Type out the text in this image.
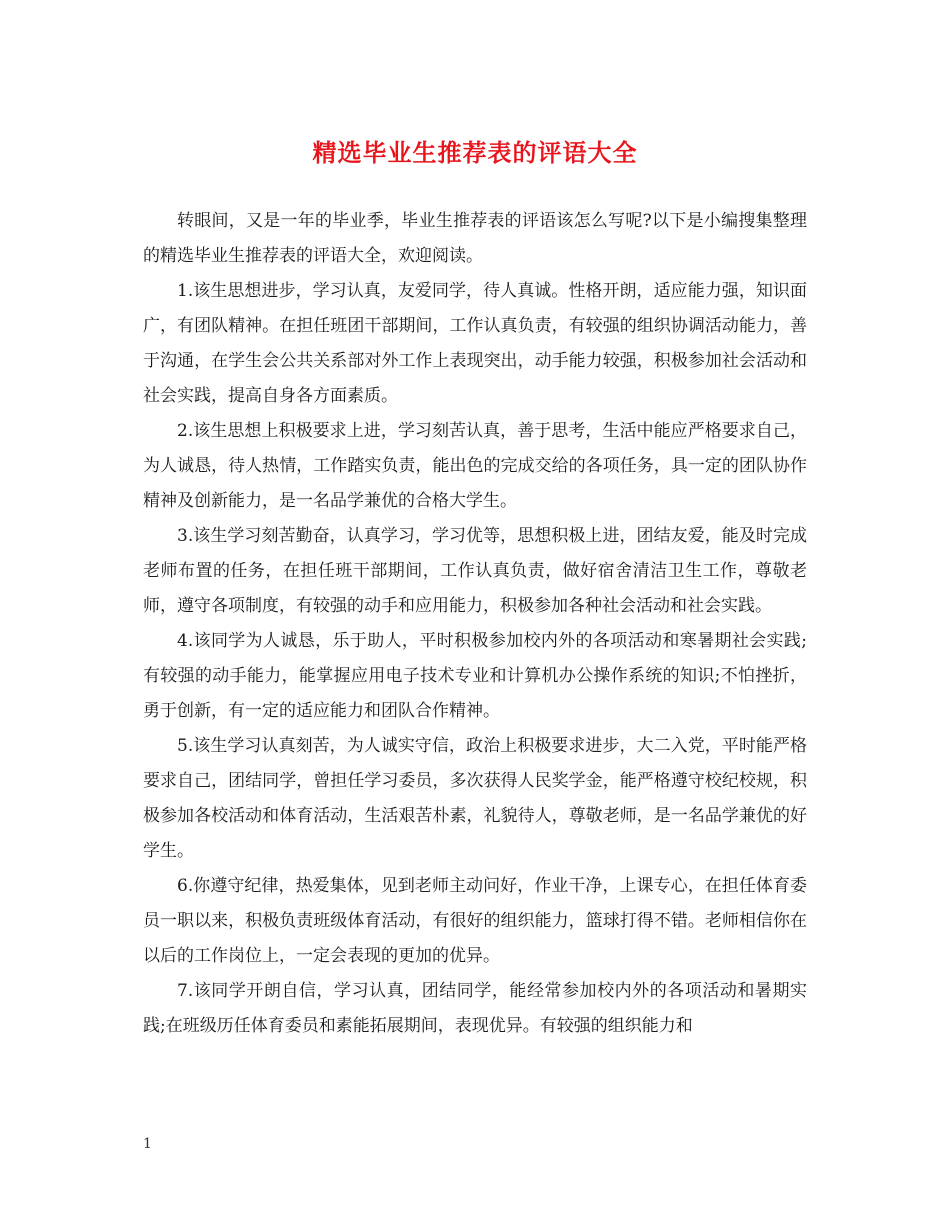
精选毕业生推荐表的评语大全

转眼间，又是一年的毕业季，毕业生推荐表的评语该怎么写呢?以下是小编搜集整理的精选毕业生推荐表的评语大全，欢迎阅读。

1.该生思想进步，学习认真，友爱同学，待人真诚。性格开朗，适应能力强，知识面广，有团队精神。在担任班团干部期间，工作认真负责，有较强的组织协调活动能力，善于沟通，在学生会公共关系部对外工作上表现突出，动手能力较强，积极参加社会活动和社会实践，提高自身各方面素质。

2.该生思想上积极要求上进，学习刻苦认真，善于思考，生活中能应严格要求自己，为人诚恳，待人热情，工作踏实负责，能出色的完成交给的各项任务，具一定的团队协作精神及创新能力，是一名品学兼优的合格大学生。

3.该生学习刻苦勤奋，认真学习，学习优等，思想积极上进，团结友爱，能及时完成老师布置的任务，在担任班干部期间，工作认真负责，做好宿舍清洁卫生工作，尊敬老师，遵守各项制度，有较强的动手和应用能力，积极参加各种社会活动和社会实践。

4.该同学为人诚恳，乐于助人，平时积极参加校内外的各项活动和寒暑期社会实践;有较强的动手能力，能掌握应用电子技术专业和计算机办公操作系统的知识;不怕挫折，勇于创新，有一定的适应能力和团队合作精神。

5.该生学习认真刻苦，为人诚实守信，政治上积极要求进步，大二入党，平时能严格要求自己，团结同学，曾担任学习委员，多次获得人民奖学金，能严格遵守校纪校规，积极参加各校活动和体育活动，生活艰苦朴素，礼貌待人，尊敬老师，是一名品学兼优的好学生。

6.你遵守纪律，热爱集体，见到老师主动问好，作业干净，上课专心，在担任体育委员一职以来，积极负责班级体育活动，有很好的组织能力，篮球打得不错。老师相信你在以后的工作岗位上，一定会表现的更加的优异。

7.该同学开朗自信，学习认真，团结同学，能经常参加校内外的各项活动和暑期实践;在班级历任体育委员和素能拓展期间，表现优异。有较强的组织能力和

1
